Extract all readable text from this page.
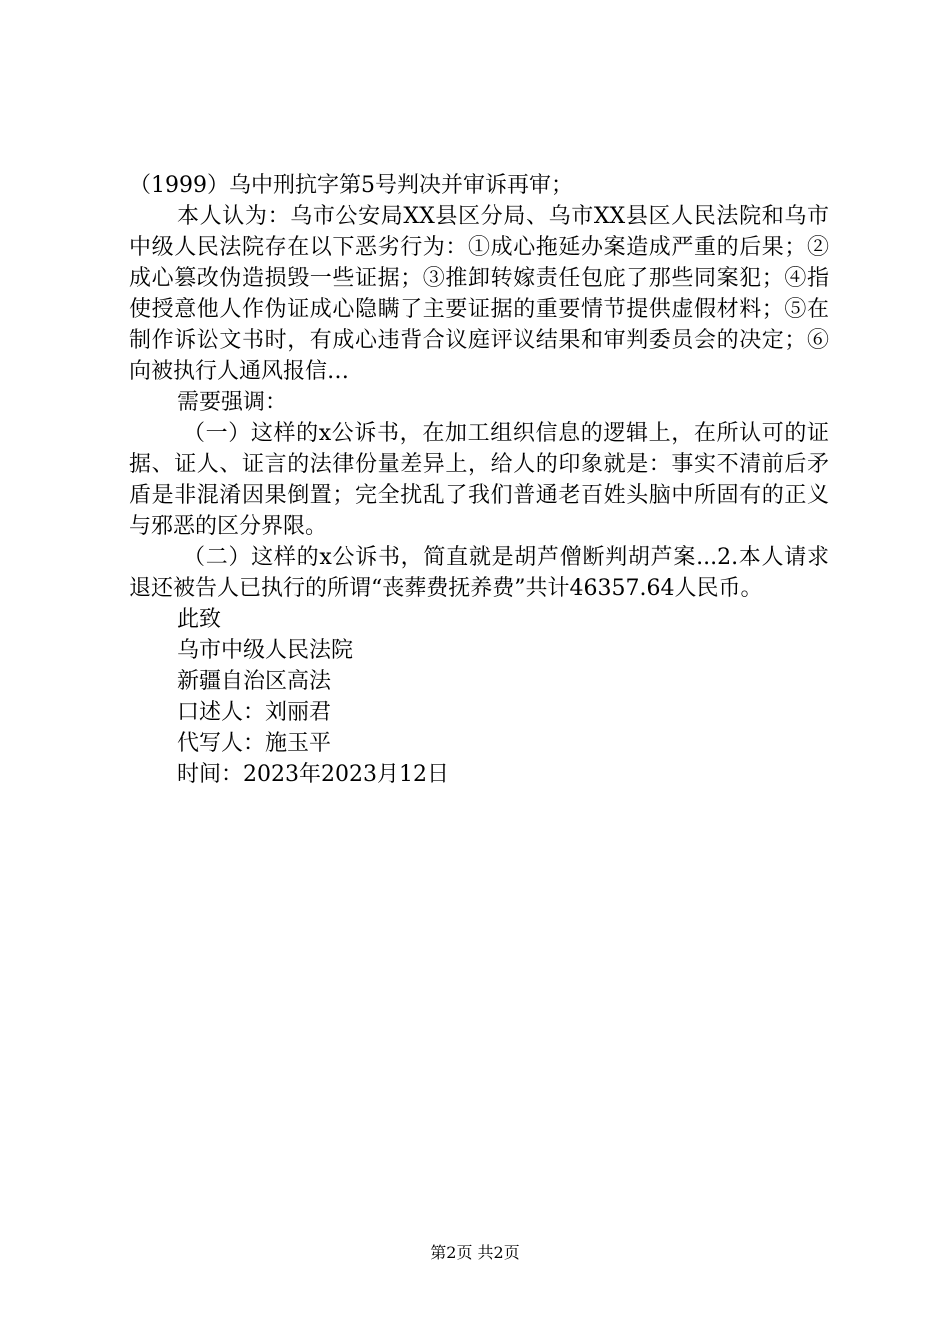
（1999）乌中刑抗字第5号判决并审诉再审；

本人认为：乌市公安局XX县区分局、乌市XX县区人民法院和乌市中级人民法院存在以下恶劣行为：①成心拖延办案造成严重的后果；②成心篡改伪造损毁一些证据；③推卸转嫁责任包庇了那些同案犯；④指使授意他人作伪证成心隐瞒了主要证据的重要情节提供虚假材料；⑤在制作诉讼文书时，有成心违背合议庭评议结果和审判委员会的决定；⑥向被执行人通风报信…

需要强调：

（一）这样的x公诉书，在加工组织信息的逻辑上，在所认可的证据、证人、证言的法律份量差异上，给人的印象就是：事实不清前后矛盾是非混淆因果倒置；完全扰乱了我们普通老百姓头脑中所固有的正义与邪恶的区分界限。

（二）这样的x公诉书，简直就是胡芦僧断判胡芦案...2.本人请求退还被告人已执行的所谓“丧葬费抚养费”共计46357.64人民币。

此致

乌市中级人民法院

新疆自治区高法

口述人：刘丽君

代写人：施玉平

时间：2023年2023月12日

第2页 共2页
